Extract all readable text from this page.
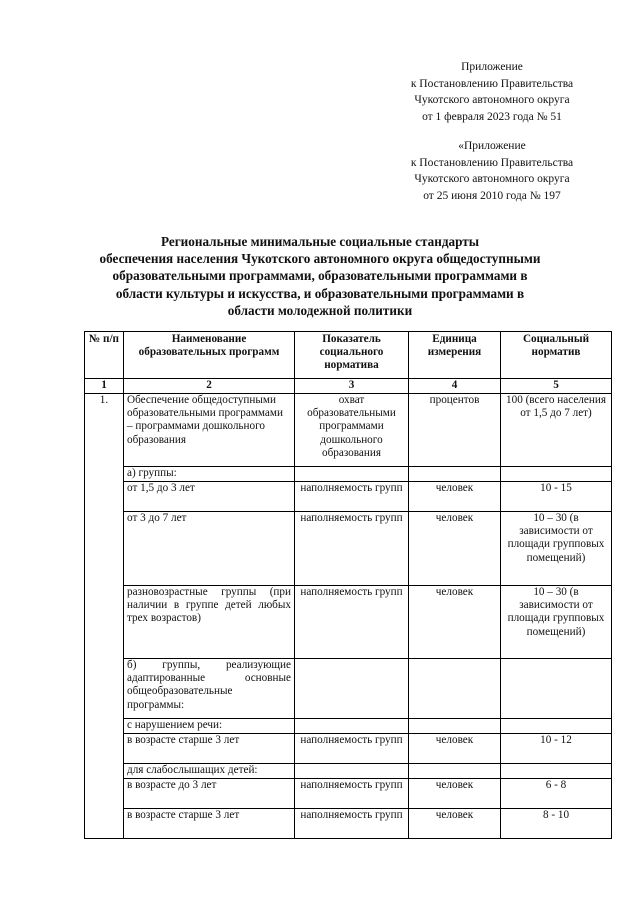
Приложение
к Постановлению Правительства
Чукотского автономного округа
от 1 февраля 2023 года № 51
«Приложение
к Постановлению Правительства
Чукотского автономного округа
от 25 июня 2010 года № 197
Региональные минимальные социальные стандарты
обеспечения населения Чукотского автономного округа общедоступными
образовательными программами, образовательными программами в
области культуры и искусства, и образовательными программами в
области молодежной политики
№ п/п	Наименование образовательных программ	Показатель социального норматива	Единица измерения	Социальный норматив
1	2	3	4	5
1.	Обеспечение общедоступными образовательными программами – программами дошкольного образования	охват образовательными программами дошкольного образования	процентов	100 (всего населения от 1,5 до 7 лет)
	а) группы:			
	от 1,5 до 3 лет	наполняемость групп	человек	10 - 15
	от 3 до 7 лет	наполняемость групп	человек	10 – 30 (в зависимости от площади групповых помещений)
	разновозрастные группы (при наличии в группе детей любых трех возрастов)	наполняемость групп	человек	10 – 30 (в зависимости от площади групповых помещений)
	б) группы, реализующие адаптированные основные общеобразовательные программы:			
	с нарушением речи:			
	в возрасте старше 3 лет	наполняемость групп	человек	10 - 12
	для слабослышащих детей:			
	в возрасте до 3 лет	наполняемость групп	человек	6 - 8
	в возрасте старше 3 лет	наполняемость групп	человек	8 - 10
